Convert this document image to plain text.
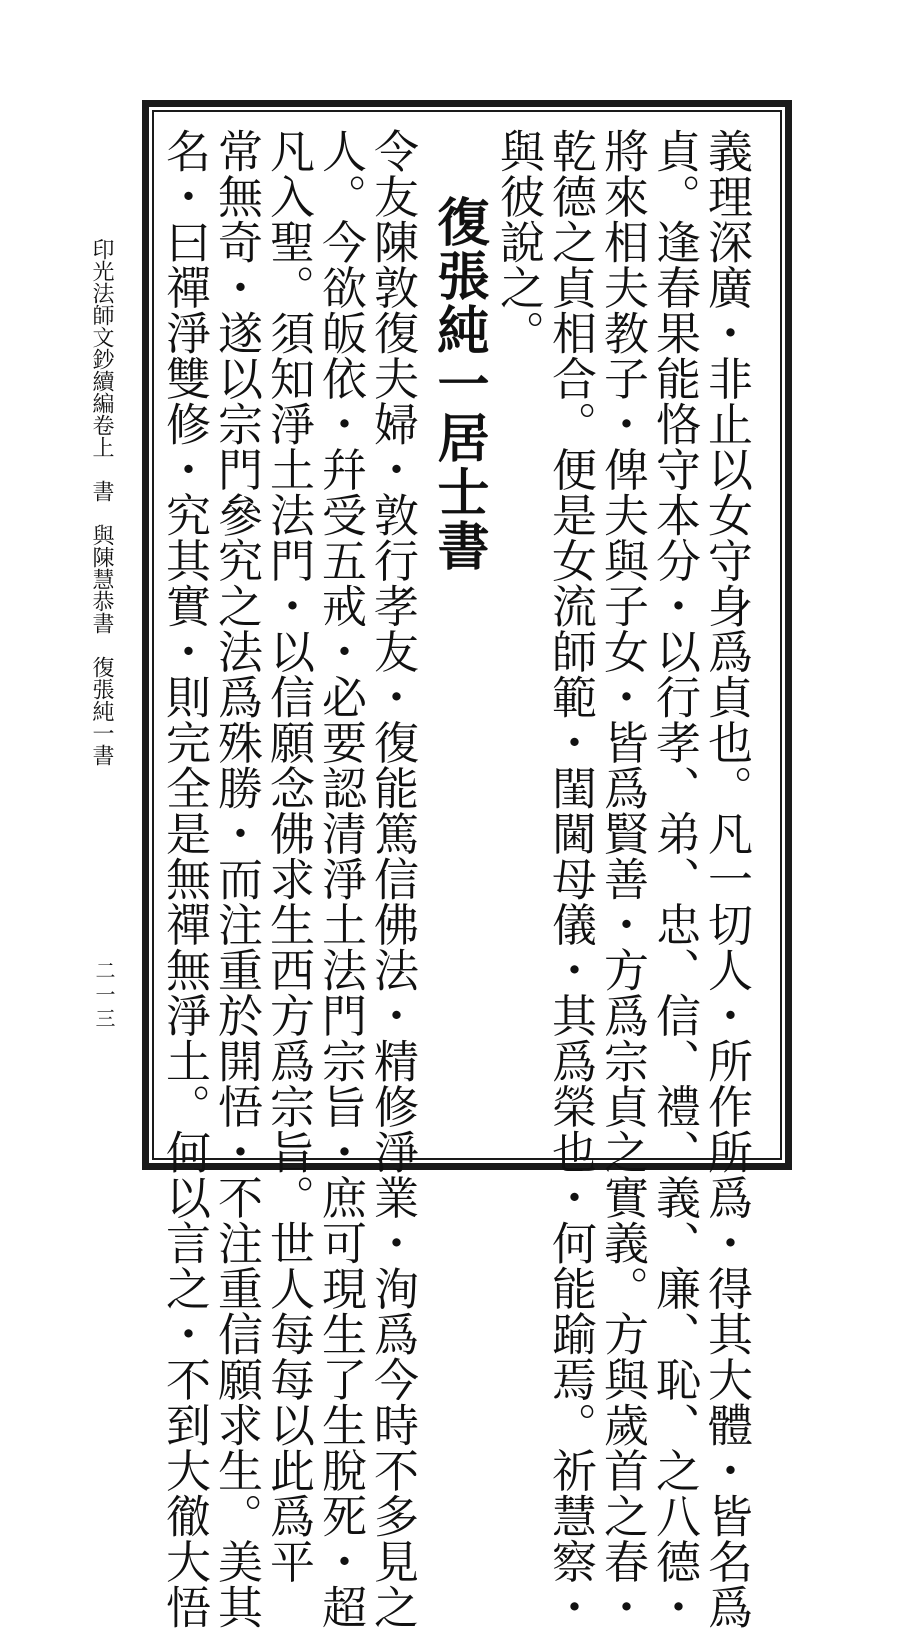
義理深廣・非止以女守身爲貞也。凡一切人・所作所爲・得其大體・皆名爲
貞。逢春果能恪守本分・以行孝、弟、忠、信、禮、義、廉、恥、之八德・
將來相夫教子・俾夫與子女・皆爲賢善・方爲宗貞之實義。方與歲首之春・
乾德之貞相合。便是女流師範・閨閫母儀・其爲榮也・何能踰焉。祈慧察・
與彼說之。
復張純一居士書
令友陳敦復夫婦・敦行孝友・復能篤信佛法・精修淨業・洵爲今時不多見之
人。今欲皈依・幷受五戒・必要認清淨土法門宗旨・庶可現生了生脫死・超
凡入聖。須知淨土法門・以信願念佛求生西方爲宗旨。世人每每以此爲平
常無奇・遂以宗門參究之法爲殊勝・而注重於開悟・不注重信願求生。美其
名・曰禪淨雙修・究其實・則完全是無禪無淨土。何以言之・不到大徹大悟
印光法師文鈔續編卷上　書　與陳慧恭書　復張純一書
二一三
